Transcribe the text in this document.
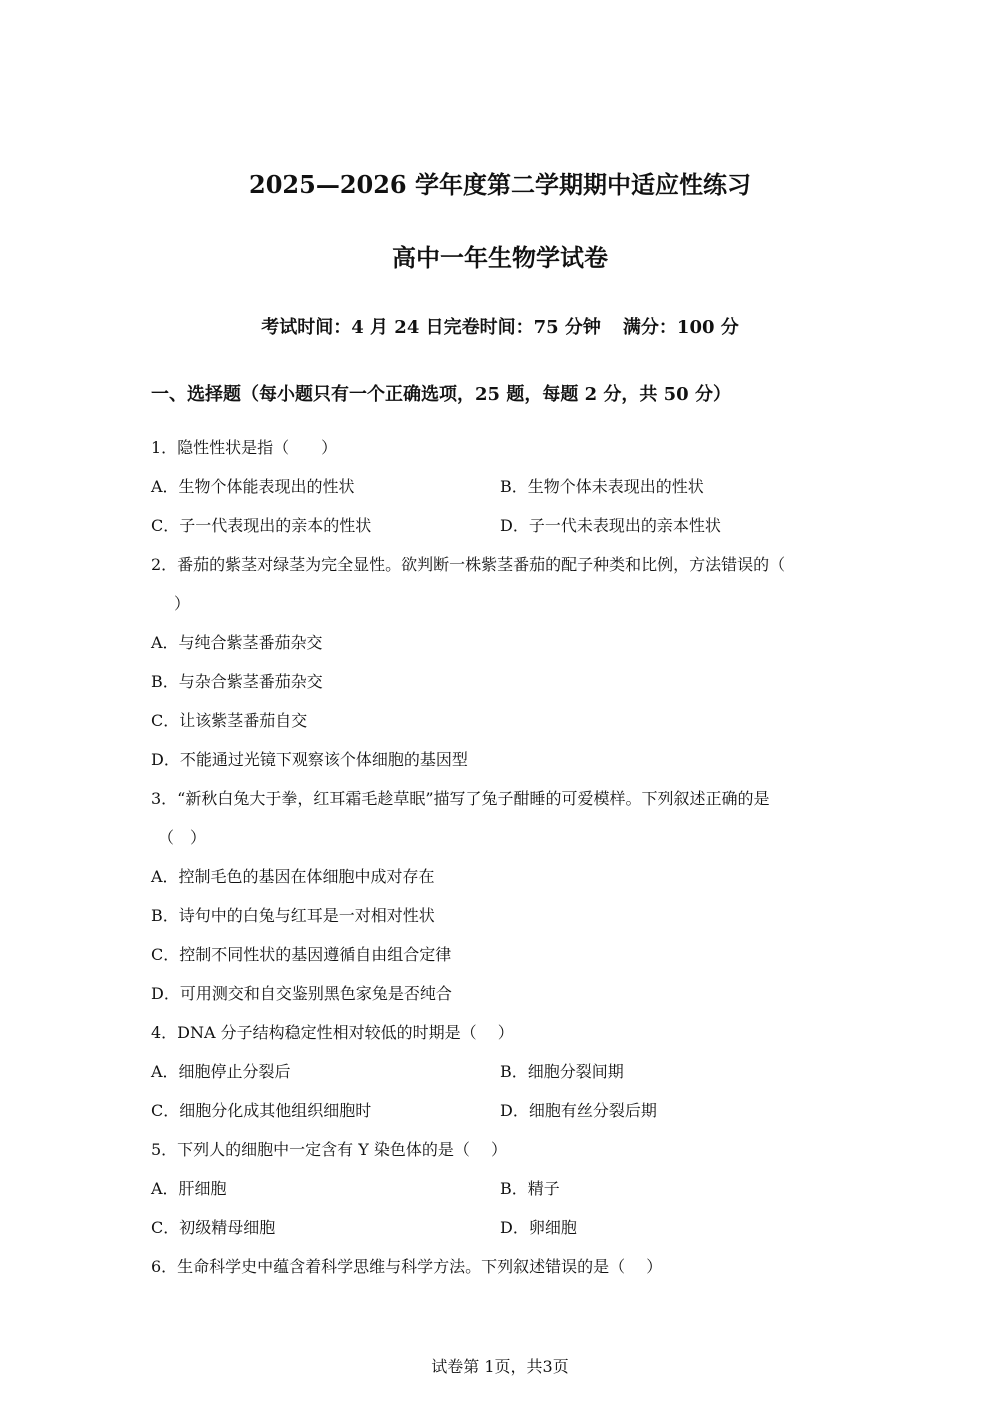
2025—2026 学年度第二学期期中适应性练习
高中一年生物学试卷
考试时间：4 月 24 日完卷时间：75 分钟 满分：100 分
一、选择题（每小题只有一个正确选项，25 题，每题 2 分，共 50 分）
1．隐性性状是指（　　）
A．生物个体能表现出的性状	B．生物个体未表现出的性状
C．子一代表现出的亲本的性状	D．子一代未表现出的亲本性状
2．番茄的紫茎对绿茎为完全显性。欲判断一株紫茎番茄的配子种类和比例，方法错误的（
　）
A．与纯合紫茎番茄杂交
B．与杂合紫茎番茄杂交
C．让该紫茎番茄自交
D．不能通过光镜下观察该个体细胞的基因型
3．“新秋白兔大于拳，红耳霜毛趁草眠”描写了兔子酣睡的可爱模样。下列叙述正确的是
（　）
A．控制毛色的基因在体细胞中成对存在
B．诗句中的白兔与红耳是一对相对性状
C．控制不同性状的基因遵循自由组合定律
D．可用测交和自交鉴别黑色家兔是否纯合
4．DNA 分子结构稳定性相对较低的时期是（　 ）
A．细胞停止分裂后	B．细胞分裂间期
C．细胞分化成其他组织细胞时	D．细胞有丝分裂后期
5．下列人的细胞中一定含有 Y 染色体的是（　 ）
A．肝细胞	B．精子
C．初级精母细胞	D．卵细胞
6．生命科学史中蕴含着科学思维与科学方法。下列叙述错误的是（　 ）
试卷第 1页，共3页
